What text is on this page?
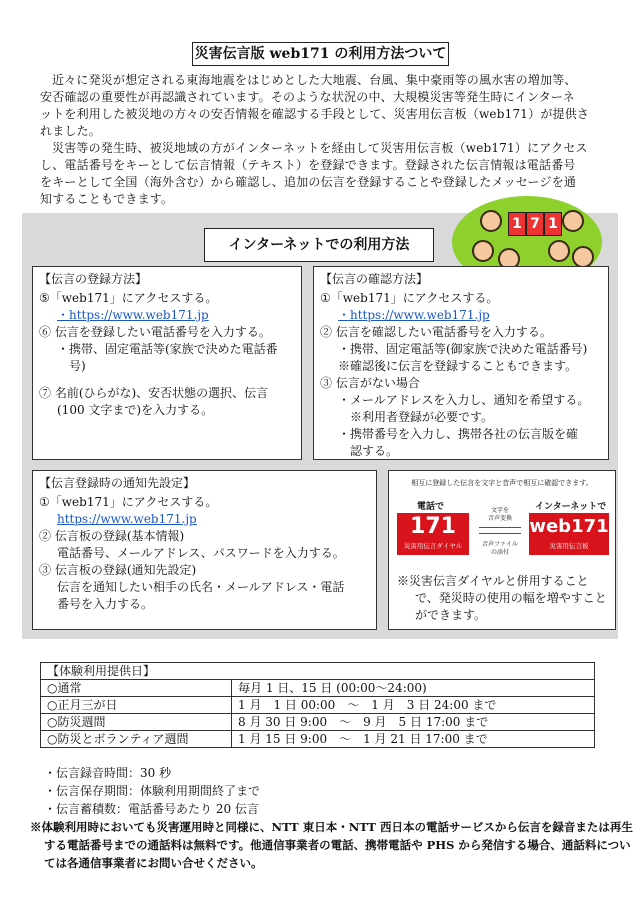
災害伝言版 web171 の利用方法ついて
近々に発災が想定される東海地震をはじめとした大地震、台風、集中豪雨等の風水害の増加等、
安否確認の重要性が再認識されています。そのような状況の中、大規模災害等発生時にインターネ
ットを利用した被災地の方々の安否情報を確認する手段として、災害用伝言板（web171）が提供さ
れました。
災害等の発生時、被災地域の方がインターネットを経由して災害用伝言板（web171）にアクセス
し、電話番号をキーとして伝言情報（テキスト）を登録できます。登録された伝言情報は電話番号
をキーとして全国（海外含む）から確認し、追加の伝言を登録することや登録したメッセージを通
知することもできます。
1 7 1
インターネットでの利用方法
【伝言の登録方法】
⑤「web171」にアクセスする。
・https://www.web171.jp
⑥ 伝言を登録したい電話番号を入力する。
・携帯、固定電話等(家族で決めた電話番
号)
⑦ 名前(ひらがな)、安否状態の選択、伝言
(100 文字まで)を入力する。
【伝言の確認方法】
①「web171」にアクセスする。
・https://www.web171.jp
② 伝言を確認したい電話番号を入力する。
・携帯、固定電話等(御家族で決めた電話番号)
※確認後に伝言を登録することもできます。
③ 伝言がない場合
・メールアドレスを入力し、通知を希望する。
※利用者登録が必要です。
・携帯番号を入力し、携帯各社の伝言版を確
認する。
【伝言登録時の通知先設定】
①「web171」にアクセスする。
https://www.web171.jp
② 伝言板の登録(基本情報)
電話番号、メールアドレス、パスワードを入力する。
③ 伝言板の登録(通知先設定)
伝言を通知したい相手の氏名・メールアドレス・電話
番号を入力する。
相互に登録した伝言を文字と音声で相互に確認できます。
電話で
171
災害用伝言ダイヤル
文字を
音声変換
音声ファイル
の添付
インターネットで
web171
災害用伝言板
※災害伝言ダイヤルと併用すること
で、発災時の使用の幅を増やすこと
ができます。
【体験利用提供日】	
○通常	毎月 1 日、15 日 (00:00～24:00)
○正月三が日	1 月　1 日 00:00　～　1 月　3 日 24:00 まで
○防災週間	8 月 30 日 9:00　～　9 月　5 日 17:00 まで
○防災とボランティア週間	1 月 15 日 9:00　～　1 月 21 日 17:00 まで
・伝言録音時間：30 秒
・伝言保存期間：体験利用期間終了まで
・伝言蓄積数：電話番号あたり 20 伝言
※体験利用時においても災害運用時と同様に、NTT 東日本・NTT 西日本の電話サービスから伝言を録音または再生
する電話番号までの通話料は無料です。他通信事業者の電話、携帯電話や PHS から発信する場合、通話料につい
ては各通信事業者にお問い合せください。
